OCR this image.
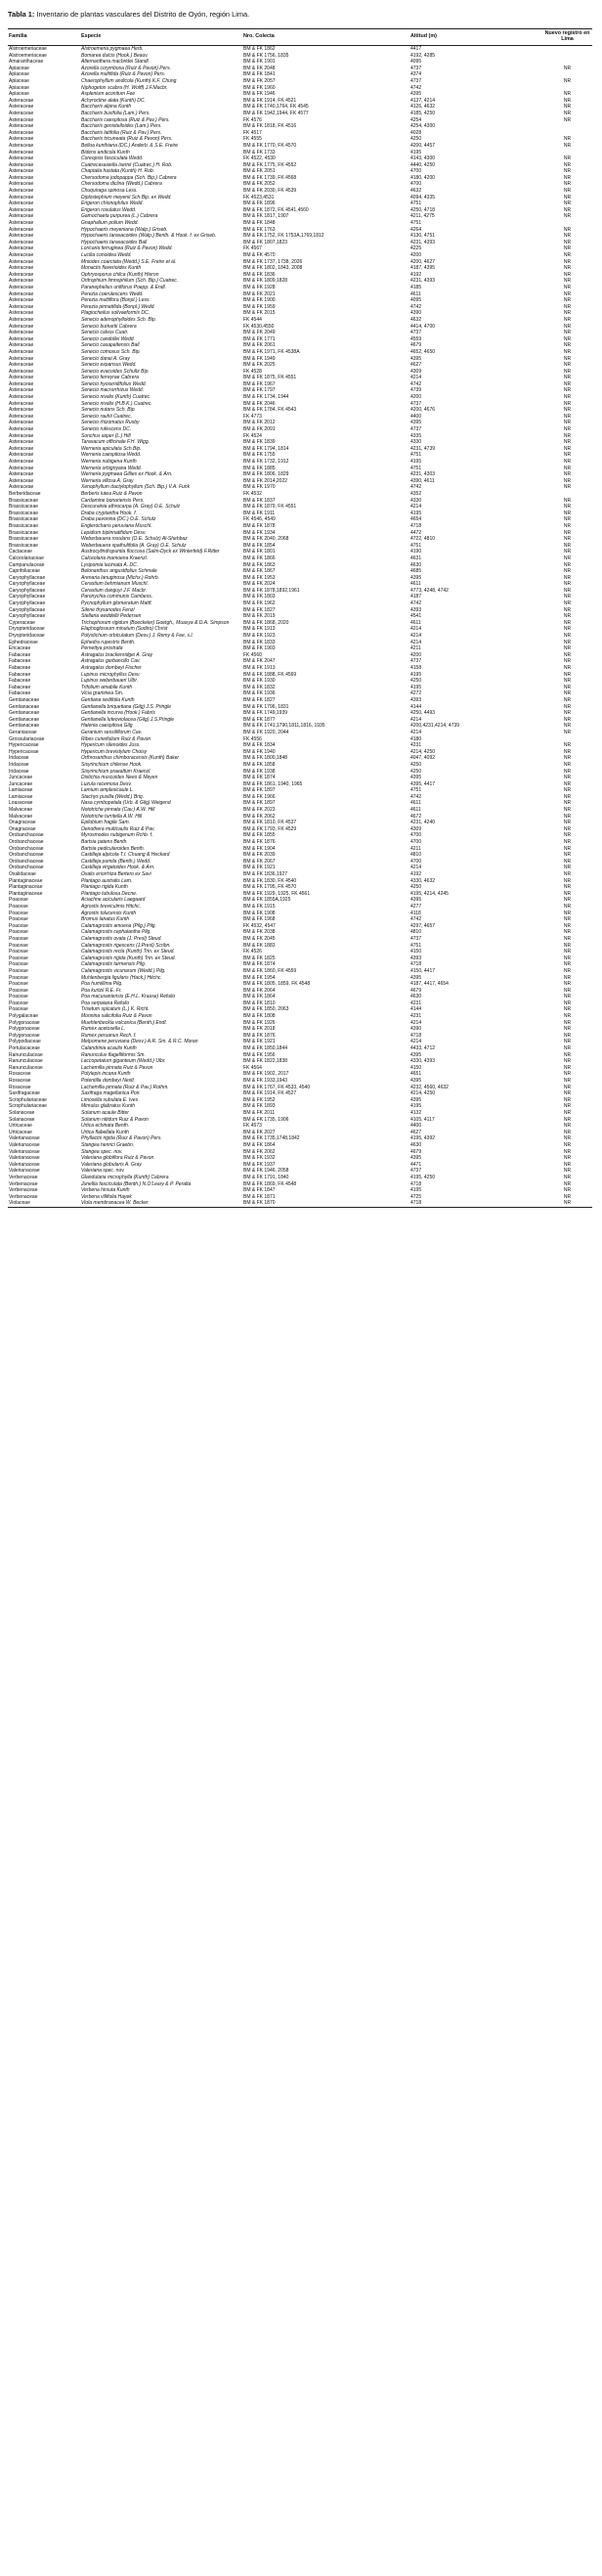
Tabla 1: Inventario de plantas vasculares del Distrito de Oyón, región Lima.
Familia	Especie	Nro. Colecta	Altitud (m)	Nuevo registro en Lima
Alstroemeriaceae	Alstroemeria pygmaea Herb.	BM & FK 1862	4417	
Alstroemeriaceae	Bomarea dulcis (Hook.) Beauv.	BM & FK 1756, 1835	4192, 4285	
Amaranthaceae	Alternanthera macbridei Standl.	BM & FK 1901	4095	
Apiaceae	Azorella corymbosa (Ruiz & Pavon) Pers.	BM & FK 2048	4737	NR
Apiaceae	Azorella multifida (Ruiz & Pavon) Pers.	BM & FK 1841	4374	
Apiaceae	Chaerophyllum andicola (Kunth) K.F. Chung	BM & FK 2057	4737	NR
Apiaceae	Niphogeton scabra (H. Wolff) J.F.Macbr.	BM & FK 1960	4742	
Apiaceae	Asplenium aconitum Fee	BM & FK 1946	4395	NR
Asteraceae	Achyrocline alata (Kunth) DC.	BM & FK 1914, FK 4521	4137, 4214	NR
Asteraceae	Baccharis alpina Kunth	BM & FK 1740,1764, FK 4545	4126, 4632	NR
Asteraceae	Baccharis buxifolia (Lam.) Pers.	BM & FK 1942,1944, FK 4577	4185, 4250	NR
Asteraceae	Baccharis caespitosa (Ruiz & Pav.) Pers.	FK 4576	4254	NR
Asteraceae	Baccharis genistelloides (Lam.) Pers.	BM & FK 1818, FK 4516	4254, 4300	
Asteraceae	Baccharis latifolia (Ruiz & Pav.) Pers.	FK 4517	4028	
Asteraceae	Baccharis tricuneata (Ruiz & Pavon) Pers.	FK 4555	4250	NR
Asteraceae	Belloa kunthiana (DC.) Anderb. & S.E. Freire	BM & FK 1770, FK 4570	4200, 4457	NR
Asteraceae	Bidens andicola Kunth	BM & FK 1733	4195	
Asteraceae	Coreopsis fasciculata Wedd.	FK 4522, 4530	4143, 4300	NR
Asteraceae	Cuatrecasasiella isernii (Cuatrec.) H. Rob.	BM & FK 1775, FK 4552	4440, 4250	NR
Asteraceae	Chaptalia hastata (Kunth) H. Rob.	BM & FK 2051	4700	NR
Asteraceae	Chersodoma jodopappa (Sch. Bip.) Cabrera	BM & FK 1739, FK 4568	4180, 4200	NR
Asteraceae	Chersodoma diclina (Wedd.) Cabrera	BM & FK 2052	4700	NR
Asteraceae	Chuquiraga spinosa Less.	BM & FK 2030, FK 4539	4632	NR
Asteraceae	Diplostephium meyenii Sch.Bip. ex Wedd.	FK 4523,4531	4094, 4335	NR
Asteraceae	Erigeron chionophilus Wedd.	BM & FK 1896	4751	NR
Asteraceae	Erigeron rosulatus Wedd.	BM & FK 1872, FK 4541,4560	4250, 4718	NR
Asteraceae	Gamochaeta purpurea (L.) Cabrera	BM & FK 1817, 1907	4211, 4275	NR
Asteraceae	Gnaphalium polium Wedd.	BM & FK 1848	4751	
Asteraceae	Hypochaeris meyeniana (Walp.) Griseb.	BM & FK 1763	4264	NR
Asteraceae	Hypochaeris taraxacoides (Walp.) Benth. & Hook. f. ex Griseb.	BM & FK 1752, FK 1753A,1769,1812	4130, 4751	NR
Asteraceae	Hypochaeris taraxacoides Ball	BM & FK 1807,1823	4231, 4393	NR
Asteraceae	Loricaria ferruginea (Ruiz & Pavon) Wedd.	FK 4567	4225	NR
Asteraceae	Lucilia conoidea Wedd.	BM & FK 4570	4200	NR
Asteraceae	Mniodes coarctata (Wedd.) S.E. Freire et al.	BM & FK 1737, 1738, 2026	4200, 4627	NR
Asteraceae	Monactis flaverioides Kunth	BM & FK 1802, 1843, 2008	4187, 4395	NR
Asteraceae	Ophryosporus chilca (Kunth) Hieron	BM & FK 1836	4192	NR
Asteraceae	Oritrophium limnophilum (Sch. Bip.) Cuatrec.	BM & FK 1809,1828	4231, 4393	NR
Asteraceae	Paranephelius uniflorus Poepp. & Endl.	BM & FK 1928	4185	NR
Asteraceae	Perezia coerulescens Wedd.	BM & FK 2021	4611	NR
Asteraceae	Perezia multiflora (Bonpl.) Less.	BM & FK 1900	4095	NR
Asteraceae	Perezia pinnatifida (Bonpl.) Wedd.	BM & FK 1959	4742	NR
Asteraceae	Plagiocheilus solivaeformis DC.	BM & FK 2015	4390	NR
Asteraceae	Senecio adenophylloides Sch. Bip.	FK 4544	4632	NR
Asteraceae	Senecio burkartii Cabrera	FK 4530,4550	4414, 4700	NR
Asteraceae	Senecio calvus Cuatr.	BM & FK 2049	4737	NR
Asteraceae	Senecio candollei Wedd.	BM & FK 1771	4559	NR
Asteraceae	Senecio casapaltensis Ball	BM & FK 2061	4679	NR
Asteraceae	Senecio comosus Sch. Bip.	BM & FK 1971, FK 4538A	4652, 4650	NR
Asteraceae	Senecio danai A. Gray	BM & FK 1949	4395	NR
Asteraceae	Senecio expansus Wedd.	BM & FK 2025	4627	NR
Asteraceae	Senecio evacoides Schultz Bip.	FK 4528	4309	NR
Asteraceae	Senecio ferreyrae Cabrera	BM & FK 1875, FK 4551	4214	NR
Asteraceae	Senecio hyoseridifolius Wedd.	BM & FK 1967	4742	NR
Asteraceae	Senecio macrorrhizus Wedd.	BM & FK 1797	4739	NR
Asteraceae	Senecio nivalis (Kunth) Cuatrec.	BM & FK 1734, 1944	4200	NR
Asteraceae	Senecio nivalis (H.B.K.) Cuatrec.	BM & FK 2046	4737	NR
Asteraceae	Senecio nutans Sch. Bip.	BM & FK 1784, FK 4543	4200, 4676	NR
Asteraceae	Senecio rauhii Cuatrec.	FK 4773	4400	NR
Asteraceae	Senecio rhizomatus Rusby	BM & FK 2012	4395	NR
Asteraceae	Senecio rufescens DC.	BM & FK 2091	4737	NR
Asteraceae	Sonchus asper (L.) Hill	FK 4524	4335	NR
Asteraceae	Taraxacum officinale F.H. Wigg.	BM & FK 1839	4330	NR
Asteraceae	Werneria apiculata Sch.Bip.	BM & FK 1794, 1814	4231, 4739	NR
Asteraceae	Werneria caespitosa Wedd.	BM & FK 1755	4751	NR
Asteraceae	Werneria nubigena Kunth	BM & FK 1732, 1912	4195	NR
Asteraceae	Werneria orbignyana Wedd.	BM & FK 1885	4751	NR
Asteraceae	Werneria pygmaea Gillies ex Hook. & Arn.	BM & FK 1806, 1829	4231, 4303	NR
Asteraceae	Werneria villosa A. Gray	BM & FK 2014,2022	4390, 4611	NR
Asteraceae	Xenophyllum dactylophyllum (Sch. Bip.) V.A. Funk	BM & FK 1970	4742	NR
Berberidaceae	Berberis lutea Ruiz & Pavon	FK 4532	4352	
Brassicaceae	Cardamine bonariensis Pers.	BM & FK 1837	4330	NR
Brassicaceae	Descurainia athrocarpa (A. Gray) O.E. Schulz	BM & FK 1879, FK 4551	4214	NR
Brassicaceae	Draba cryptantha Hook. f.	BM & FK 1911	4195	NR
Brassicaceae	Draba pavonina (DC.) O.E. Schulz	FK 4546, 4549	4654	NR
Brassicaceae	Englerocharis peruviana Muschl.	BM & FK 1878	4718	NR
Brassicaceae	Lepidium bipinnatifidum Desv.	BM & FK 1934	4472	NR
Brassicaceae	Weberbauera rosulans (O.E. Schulz) Al-Shehbaz	BM & FK 2040, 2068	4722, 4810	NR
Brassicaceae	Weberbauera spathulifolia (A. Gray) O.E. Schulz	BM & FK 1854	4751	NR
Cactaceae	Austrocylindropuntia floccosa (Salm-Dyck ex Winterfeld) F.Ritter	BM & FK 1801	4190	NR
Calceolariaceae	Calceolaria inamoena Kraenzl.	BM & FK 1866	4631	NR
Campanulaceae	Lysipomia laciniata A. DC.	BM & FK 1863	4630	NR
Caprifoliaceae	Belonanthus angustifolius Schmale	BM & FK 1867	4685	NR
Caryophyllaceae	Arenaria lanuginosa (Michx.) Rohrb.	BM & FK 1953	4395	NR
Caryophyllaceae	Cerastium behmianum Muschl.	BM & FK 2024	4611	NR
Caryophyllaceae	Cerastium danguyi J.F. Macbr.	BM & FK 1878,1892,1961	4773, 4248, 4742	NR
Caryophyllaceae	Paronychia communis Cambess.	BM & FK 1803	4187	NR
Caryophyllaceae	Pycnophyllum glomeratum Mattf.	BM & FK 1962	4742	NR
Caryophyllaceae	Silene thysanodes Fenzl	BM & FK 1827	4393	NR
Caryophyllaceae	Stellaria weddellii Pedersen	BM & FK 2019	4541	NR
Cyperaceae	Trichophorum rigidum (Boeckeler) Goetgh., Muasya & D.A. Simpson	BM & FK 1868, 2020	4611	NR
Dryopteridaceae	Elaphoglossum minutum (Sodiro) Christ	BM & FK 1913	4214	NR
Dryopteridaceae	Polystichum orbiculatum (Desv.) J. Remy & Fee, s.l.	BM & FK 1923	4214	NR
Ephedraceae	Ephedra rupestris Benth.	BM & FK 1833	4214	NR
Ericaceae	Pernettya prostrata	BM & FK 1903	4211	NR
Fabaceae	Astragalus brackenridgei A. Gray	FK 4560	4200	NR
Fabaceae	Astragalus garbancillo Cav.	BM & FK 2047	4737	NR
Fabaceae	Astragalus dombeyi Fischer	BM & FK 1913	4158	NR
Fabaceae	Lupinus microphyllus Desv.	BM & FK 1888, FK 4569	4195	NR
Fabaceae	Lupinus weberbaueri Ulbr.	BM & FK 1930	4250	NR
Fabaceae	Trifolium amabile Kunth	BM & FK 1832	4195	NR
Fabaceae	Vicia graminea Sm.	BM & FK 1936	4272	NR
Gentianaceae	Gentiana sedifolia Kunth	BM & FK 1827	4393	NR
Gentianaceae	Gentianella briquetiana (Gilg) J.S. Pringle	BM & FK 1796, 1831	4144	NR
Gentianaceae	Gentianella incurva (Hook.) Fabris	BM & FK 1749,1939	4250, 4493	NR
Gentianaceae	Gentianella luteoviolacea (Gilg) J.S.Pringle	BM & FK 1877	4214	NR
Gentianaceae	Halenia caespitosa Gilg	BM & FK 1741,1790,1811,1816, 1935	4200,4231,4214, 4739	NR
Geraniaceae	Geranium sessiliflorum Cav.	BM & FK 1920, 2044	4214	NR
Grossulariaceae	Ribes cuneifolium Ruiz & Pavon	FK 4556	4180	
Hypericaceae	Hypericum silenoides Juss.	BM & FK 1834	4231	NR
Hypericaceae	Hypericum brevistylum Choisy	BM & FK 1940	4214, 4250	NR
Iridaceae	Orthrosanthus chimboracensis (Kunth) Baker	BM & FK 1800,1848	4047, 4092	NR
Iridaceae	Sisyrinchium chilense Hook.	BM & FK 1858	4250	NR
Iridaceae	Sisyrinchium praealtum Kraenzl.	BM & FK 1938	4250	NR
Juncaceae	Distichia muscoides Nees & Meyen	BM & FK 1874	4395	NR
Juncaceae	Luzula racemosa Desv.	BM & FK 1861, 1940, 1965	4395, 4417	NR
Lamiaceae	Lamium amplexicaule L.	BM & FK 1897	4751	NR
Lamiaceae	Stachys pusilla (Wedd.) Briq.	BM & FK 1966	4742	NR
Loasaceae	Nasa cymbopetala (Urb. & Gilg) Weigend	BM & FK 1897	4611	NR
Malvaceae	Nototriche pinnata (Cav.) A.W. Hill	BM & FK 2023	4611	NR
Malvaceae	Nototriche turritella A.W. Hill	BM & FK 2062	4672	NR
Onagraceae	Epilobium fragile Sam.	BM & FK 1810, FK 4537	4231, 4240	NR
Onagraceae	Oenothera multicaulis Ruiz & Pav.	BM & FK 1793, FK 4529	4309	NR
Orobanchaceae	Myrosmodes nubigenum Rchb. f.	BM & FK 1855	4700	NR
Orobanchaceae	Bartsia patens Benth.	BM & FK 1876	4700	NR
Orobanchaceae	Bartsia pedicularoides Benth.	BM & FK 1904	4211	NR
Orobanchaceae	Castilleja alpicola T.I. Chuang & Heckard	BM & FK 2039	4810	NR
Orobanchaceae	Castilleja pumila (Benth.) Wedd.	BM & FK 2067	4700	NR
Orobanchaceae	Castilleja virgatoides Hook. & Arn.	BM & FK 1921	4214	NR
Oxalidaceae	Oxalis eriorrhiza Bertero ex Savi	BM & FK 1836,1927	4192	NR
Plantaginaceae	Plantago australis Lam.	BM & FK 1830, FK 4540	4330, 4632	NR
Plantaginaceae	Plantago rigida Kunth	BM & FK 1795, FK 4570	4250	NR
Plantaginaceae	Plantago tubulosa Decne.	BM & FK 1929, 1925, FK 4561	4195, 4214, 4245	NR
Poaceae	Aciachne acicularis Laegaard	BM & FK 1855A,1925	4395	NR
Poaceae	Agrostis breviculmis Hitchc.	BM & FK 1915	4277	NR
Poaceae	Agrostis tolucensis Kunth	BM & FK 1908	4118	NR
Poaceae	Bromus lanatus Kunth	BM & FK 1968	4742	NR
Poaceae	Calamagrostis amoena (Pilg.) Pilg.	FK 4532, 4547	4297, 4657	NR
Poaceae	Calamagrostis cephalantha Pilg.	BM & FK 2038	4810	NR
Poaceae	Calamagrostis ovata (J. Presl) Steud.	BM & FK 2045	4737	NR
Poaceae	Calamagrostis rigescens (J.Presl) Scribn.	BM & FK 1883	4751	NR
Poaceae	Calamagrostis recta (Kunth) Trin. ex Steud.	FK 4526	4150	NR
Poaceae	Calamagrostis rigida (Kunth) Trin. ex Steud.	BM & FK 1825	4393	NR
Poaceae	Calamagrostis tarmensis Pilg.	BM & FK 1874	4718	NR
Poaceae	Calamagrostis vicunarum (Wedd.) Pilg.	BM & FK 1860, FK 4559	4150, 4417	NR
Poaceae	Muhlenbergia ligularis (Hack.) Hitchc.	BM & FK 1954	4395	NR
Poaceae	Poa humillima Pilg.	BM & FK 1805, 1859, FK 4548	4187, 4417, 4654	NR
Poaceae	Poa kurtzii R.E. Fr.	BM & FK 2064	4679	NR
Poaceae	Poa macusaniensis (E.H.L. Krause) Refulio	BM & FK 1864	4630	NR
Poaceae	Poa serpaiana Refulio	BM & FK 1810	4231	NR
Poaceae	Trisetum spicatum (L.) K. Richt.	BM & FK 1850, 2063	4144	NR
Polygalaceae	Monnina salicifolia Ruiz & Pavon	BM & FK 1808	4231	NR
Polygonaceae	Muehlenbeckia volcanica (Benth.) Endl.	BM & FK 1926	4214	NR
Polygonaceae	Rumex acetosella L.	BM & FK 2018	4390	NR
Polygonaceae	Rumex peruanus Rech. f.	BM & FK 1876	4718	NR
Polypodiaceae	Melpomene peruviana (Desv.) A.R. Sm. & R.C. Moran	BM & FK 1921	4214	NR
Portulacaceae	Calandrinia acaulis Kunth	BM & FK 1850,1844	4433, 4712	NR
Ranunculaceae	Ranunculus flagelliformis Sm.	BM & FK 1956	4395	NR
Ranunculaceae	Laccopetalum giganteum (Wedd.) Ulbr.	BM & FK 1822,1838	4330, 4393	NR
Ranunculaceae	Lachemilla pinnata Ruiz & Pavon	FK 4564	4150	NR
Rosaceae	Polylepis incana Kunth	BM & FK 1902, 2017	4651	NR
Rosaceae	Potentilla dombeyi Nestl.	BM & FK 1933,1943	4395	NR
Rosaceae	Lachemilla pinnata (Ruiz & Pav.) Rothm.	BM & FK 1767, FK 4533, 4540	4232, 4560, 4632	NR
Saxifragaceae	Saxifraga magellanica Poir.	BM & FK 1914, FK 4527	4214, 4250	NR
Scrophulariaceae	Limosella subulata E. Ives	BM & FK 1952	4395	NR
Scrophulariaceae	Mimulus glabratus Kunth	BM & FK 1893	4195	NR
Solanaceae	Solanum acaule Bitter	BM & FK 2011	4132	NR
Solanaceae	Solanum nitidum Ruiz & Pavon	BM & FK 1735, 1906	4105, 4117	NR
Urticaceae	Urtica echinata Benth.	FK 4573	4400	NR
Urticaceae	Urtica flabellata Kunth	BM & FK 2027	4627	NR
Valerianaceae	Phyllactis rigida (Ruiz & Pavon) Pers.	BM & FK 1735,1748,1842	4195, 4392	NR
Valerianaceae	Stangea henrici Graebn.	BM & FK 1864	4630	NR
Valerianaceae	Stangea spec. nov.	BM & FK 2062	4679	NR
Valerianaceae	Valeriana globiflora Ruiz & Pavon	BM & FK 1932	4395	NR
Valerianaceae	Valeriana globularis A. Gray	BM & FK 1937	4471	NR
Valerianaceae	Valeriana spec. nov.	BM & FK 1946, 2058	4737	NR
Verbenaceae	Glandularia microphylla (Kunth) Cabrera	BM & FK 1791, 1840	4195, 4250	NR
Verbenaceae	Junellia fasciculata (Benth.) N.O'Leary & P. Peralta	BM & FK 1869, FK 4548	4718	NR
Verbenaceae	Verbena hirsuta Kunth	BM & FK 1847	4195	NR
Verbenaceae	Verbena villifolia Hayek	BM & FK 1871	4725	NR
Violaceae	Viola membranacea W. Becker	BM & FK 1870	4718	NR
